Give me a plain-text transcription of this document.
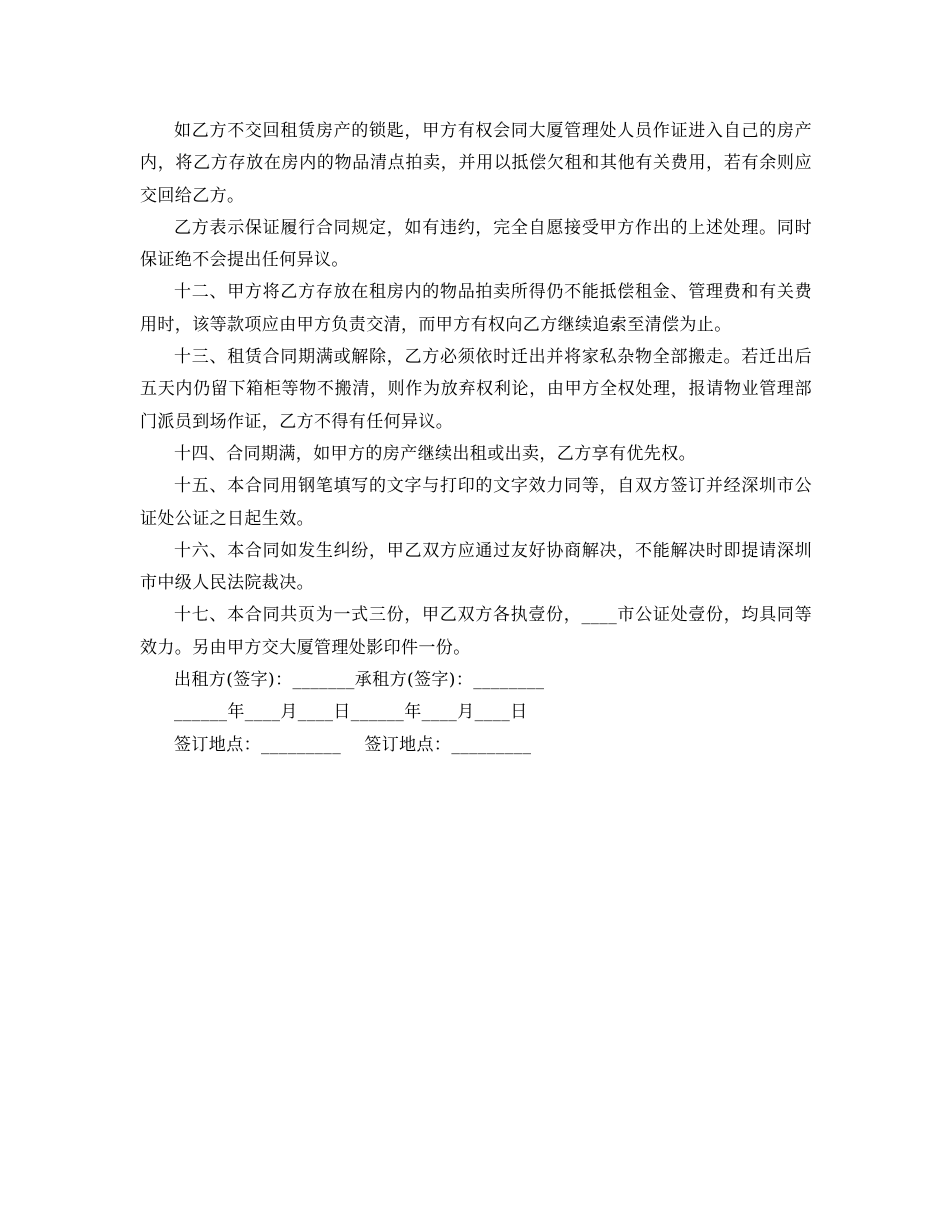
如乙方不交回租赁房产的锁匙，甲方有权会同大厦管理处人员作证进入自己的房产内，将乙方存放在房内的物品清点拍卖，并用以抵偿欠租和其他有关费用，若有余则应交回给乙方。

乙方表示保证履行合同规定，如有违约，完全自愿接受甲方作出的上述处理。同时保证绝不会提出任何异议。

十二、甲方将乙方存放在租房内的物品拍卖所得仍不能抵偿租金、管理费和有关费用时，该等款项应由甲方负责交清，而甲方有权向乙方继续追索至清偿为止。

十三、租赁合同期满或解除，乙方必须依时迁出并将家私杂物全部搬走。若迁出后五天内仍留下箱柜等物不搬清，则作为放弃权利论，由甲方全权处理，报请物业管理部门派员到场作证，乙方不得有任何异议。

十四、合同期满，如甲方的房产继续出租或出卖，乙方享有优先权。

十五、本合同用钢笔填写的文字与打印的文字效力同等，自双方签订并经深圳市公证处公证之日起生效。

十六、本合同如发生纠纷，甲乙双方应通过友好协商解决，不能解决时即提请深圳市中级人民法院裁决。

十七、本合同共页为一式三份，甲乙双方各执壹份，____市公证处壹份，均具同等效力。另由甲方交大厦管理处影印件一份。

出租方(签字)：_______承租方(签字)：________

______年____月____日______年____月____日

签订地点：_________    签订地点：_________
